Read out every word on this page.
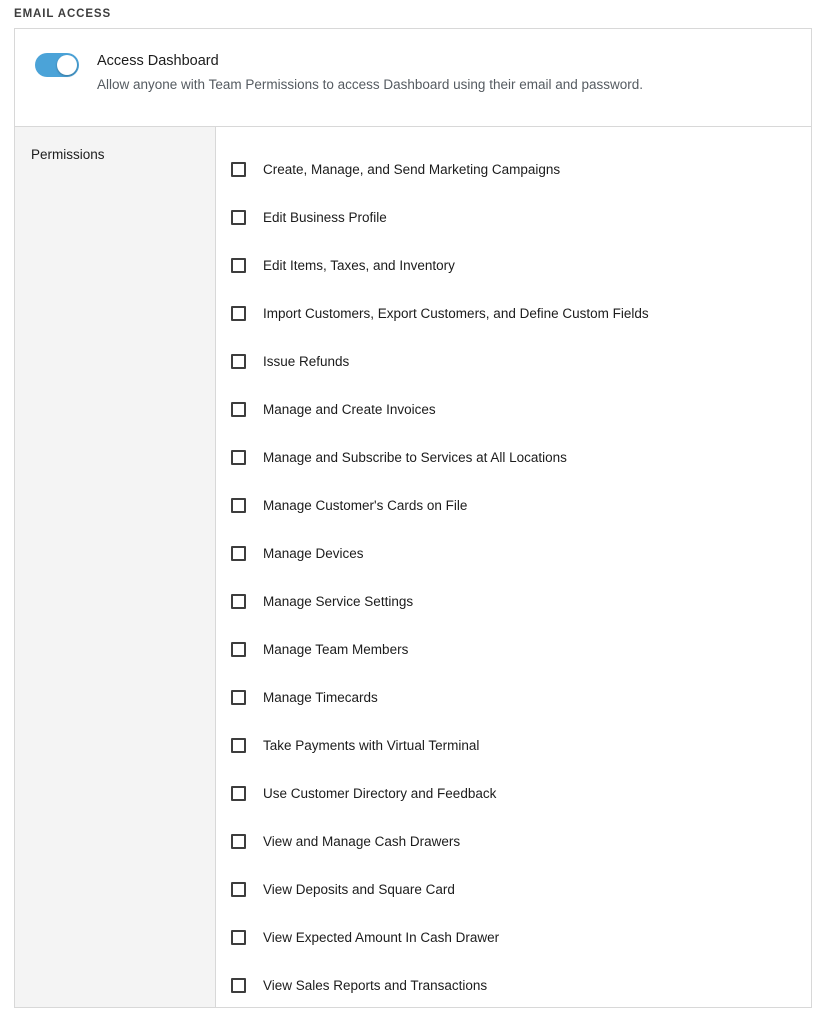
EMAIL ACCESS
Access Dashboard
Allow anyone with Team Permissions to access Dashboard using their email and password.
Permissions
Create, Manage, and Send Marketing Campaigns
Edit Business Profile
Edit Items, Taxes, and Inventory
Import Customers, Export Customers, and Define Custom Fields
Issue Refunds
Manage and Create Invoices
Manage and Subscribe to Services at All Locations
Manage Customer's Cards on File
Manage Devices
Manage Service Settings
Manage Team Members
Manage Timecards
Take Payments with Virtual Terminal
Use Customer Directory and Feedback
View and Manage Cash Drawers
View Deposits and Square Card
View Expected Amount In Cash Drawer
View Sales Reports and Transactions
